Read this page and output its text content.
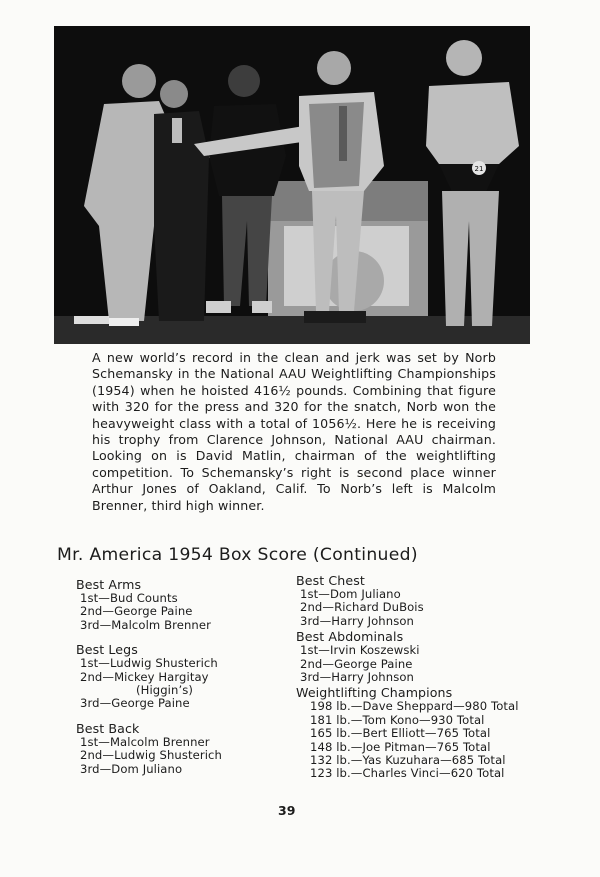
21
A new world’s record in the clean and jerk was set by Norb Schemansky in the National AAU Weightlifting Championships (1954) when he hoisted 416½ pounds. Combining that figure with 320 for the press and 320 for the snatch, Norb won the heavyweight class with a total of 1056½. Here he is receiving his trophy from Clarence Johnson, National AAU chairman. Looking on is David Matlin, chairman of the weightlifting competition. To Schemansky’s right is second place winner Arthur Jones of Oakland, Calif. To Norb’s left is Malcolm Brenner, third high winner.
Mr. America 1954 Box Score (Continued)
Best Arms
1st—Bud Counts
2nd—George Paine
3rd—Malcolm Brenner
Best Legs
1st—Ludwig Shusterich
2nd—Mickey Hargitay
(Higgin’s)
3rd—George Paine
Best Back
1st—Malcolm Brenner
2nd—Ludwig Shusterich
3rd—Dom Juliano
Best Chest
1st—Dom Juliano
2nd—Richard DuBois
3rd—Harry Johnson
Best Abdominals
1st—Irvin Koszewski
2nd—George Paine
3rd—Harry Johnson
Weightlifting Champions
198 lb.—Dave Sheppard—980 Total
181 lb.—Tom Kono—930 Total
165 lb.—Bert Elliott—765 Total
148 lb.—Joe Pitman—765 Total
132 lb.—Yas Kuzuhara—685 Total
123 lb.—Charles Vinci—620 Total
39
